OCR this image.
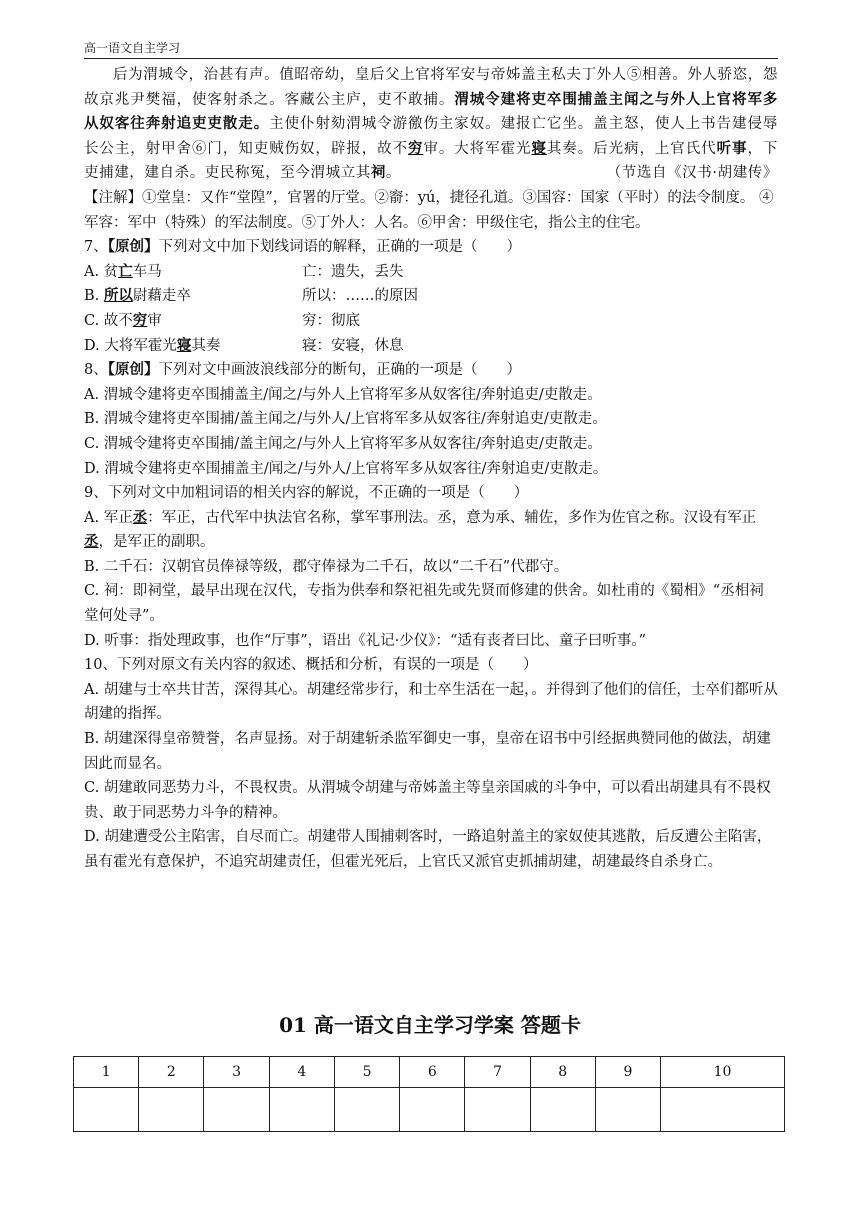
高一语文自主学习

后为渭城令，治甚有声。值昭帝幼，皇后父上官将军安与帝姊盖主私夫丁外人⑤相善。外人骄恣，怨故京兆尹樊福，使客射杀之。客藏公主庐，吏不敢捕。渭城令建将吏卒围捕盖主闻之与外人上官将军多从奴客往奔射追吏吏散走。主使仆射劾渭城令游徼伤主家奴。建报亡它坐。盖主怒，使人上书告建侵辱长公主，射甲舍⑥门，知吏贼伤奴，辟报，故不穷审。大将军霍光寝其奏。后光病，上官氏代听事，下吏捕建，建自杀。吏民称冤，至今渭城立其祠。	（节选自《汉书·胡建传》

【注解】①堂皇：又作“堂隍”，官署的厅堂。②窬：yú，捷径孔道。③国容：国家（平时）的法令制度。 ④军容：军中（特殊）的军法制度。⑤丁外人：人名。⑥甲舍：甲级住宅，指公主的住宅。

7、【原创】下列对文中加下划线词语的解释，正确的一项是（　　）

A. 贫亡车马	亡：遗失，丢失
B. 所以尉藉走卒	所以：……的原因
C. 故不穷审	穷：彻底
D. 大将军霍光寝其奏	寝：安寝，休息

8、【原创】下列对文中画波浪线部分的断句，正确的一项是（　　）

A. 渭城令建将吏卒围捕盖主/闻之/与外人上官将军多从奴客往/奔射追吏/吏散走。

B. 渭城令建将吏卒围捕/盖主闻之/与外人/上官将军多从奴客往/奔射追吏/吏散走。

C. 渭城令建将吏卒围捕/盖主闻之/与外人上官将军多从奴客往/奔射追吏/吏散走。

D. 渭城令建将吏卒围捕盖主/闻之/与外人/上官将军多从奴客往/奔射追吏/吏散走。

9、下列对文中加粗词语的相关内容的解说，不正确的一项是（　　）

A. 军正丞：军正，古代军中执法官名称，掌军事刑法。丞，意为承、辅佐，多作为佐官之称。汉设有军正丞，是军正的副职。

B. 二千石：汉朝官员俸禄等级，郡守俸禄为二千石，故以“二千石”代郡守。

C. 祠：即祠堂，最早出现在汉代，专指为供奉和祭祀祖先或先贤而修建的供舍。如杜甫的《蜀相》“丞相祠堂何处寻”。

D. 听事：指处理政事，也作“厅事”，语出《礼记·少仪》：“适有丧者曰比、童子曰听事。”

10、下列对原文有关内容的叙述、概括和分析，有误的一项是（　　）

A. 胡建与士卒共甘苦，深得其心。胡建经常步行，和士卒生活在一起，。并得到了他们的信任，士卒们都听从胡建的指挥。

B. 胡建深得皇帝赞誉，名声显扬。对于胡建斩杀监军御史一事，皇帝在诏书中引经据典赞同他的做法，胡建因此而显名。

C. 胡建敢同恶势力斗，不畏权贵。从渭城令胡建与帝姊盖主等皇亲国戚的斗争中，可以看出胡建具有不畏权贵、敢于同恶势力斗争的精神。

D. 胡建遭受公主陷害，自尽而亡。胡建带人围捕刺客时，一路追射盖主的家奴使其逃散，后反遭公主陷害，虽有霍光有意保护，不追究胡建责任，但霍光死后，上官氏又派官吏抓捕胡建，胡建最终自杀身亡。

01 高一语文自主学习学案 答题卡
1	2	3	4	5	6	7	8	9	10
